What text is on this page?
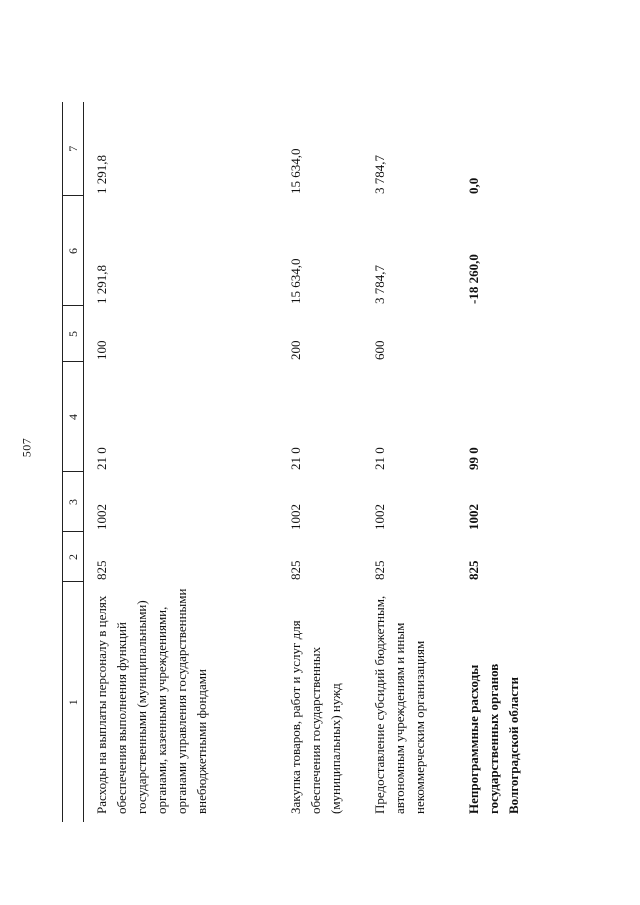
507
1	2	3	4	5	6	7
Расходы на выплаты персоналу в целях обеспечения выполнения функций государственными (муниципальными) органами, казенными учреждениями, органами управления государственными внебюджетными фондами	825	1002	21 0	100	1 291,8	1 291,8
Закупка товаров, работ и услуг для обеспечения государственных (муниципальных) нужд	825	1002	21 0	200	15 634,0	15 634,0
Предоставление субсидий бюджетным, автономным учреждениям и иным некоммерческим организациям	825	1002	21 0	600	3 784,7	3 784,7
Непрограммные расходы государственных органов Волгоградской области	825	1002	99 0		-18 260,0	0,0
